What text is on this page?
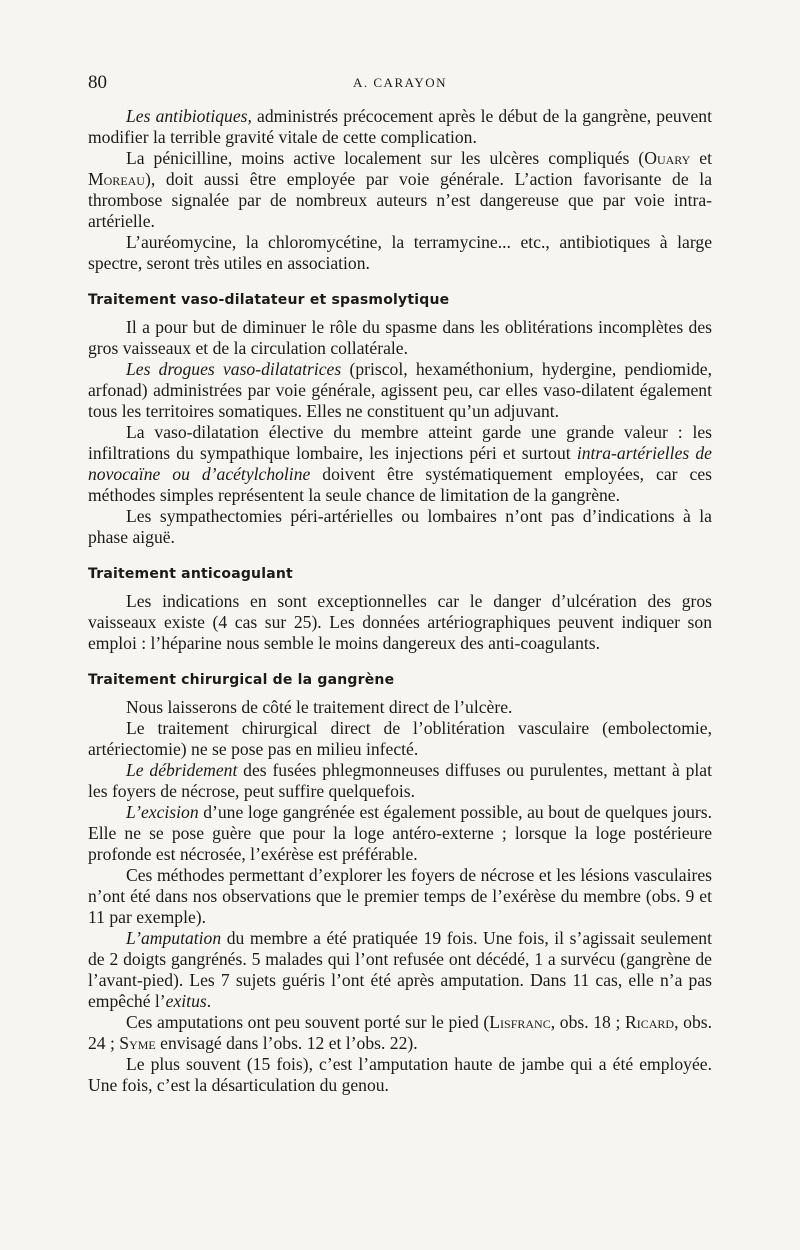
80	A. CARAYON

Les antibiotiques, administrés précocement après le début de la gangrène, peuvent modifier la terrible gravité vitale de cette complication.

La pénicilline, moins active localement sur les ulcères compliqués (Ouary et Moreau), doit aussi être employée par voie générale. L’action favorisante de la thrombose signalée par de nombreux auteurs n’est dangereuse que par voie intra-artérielle.

L’auréomycine, la chloromycétine, la terramycine... etc., antibiotiques à large spectre, seront très utiles en association.

Traitement vaso-dilatateur et spasmolytique

Il a pour but de diminuer le rôle du spasme dans les oblitérations incomplètes des gros vaisseaux et de la circulation collatérale.

Les drogues vaso-dilatatrices (priscol, hexaméthonium, hydergine, pendiomide, arfonad) administrées par voie générale, agissent peu, car elles vaso-dilatent également tous les territoires somatiques. Elles ne constituent qu’un adjuvant.

La vaso-dilatation élective du membre atteint garde une grande valeur : les infiltrations du sympathique lombaire, les injections péri et surtout intra-artérielles de novocaïne ou d’acétylcholine doivent être systématiquement employées, car ces méthodes simples représentent la seule chance de limitation de la gangrène.

Les sympathectomies péri-artérielles ou lombaires n’ont pas d’indications à la phase aiguë.

Traitement anticoagulant

Les indications en sont exceptionnelles car le danger d’ulcération des gros vaisseaux existe (4 cas sur 25). Les données artériographiques peuvent indiquer son emploi : l’héparine nous semble le moins dangereux des anti-coagulants.

Traitement chirurgical de la gangrène

Nous laisserons de côté le traitement direct de l’ulcère.

Le traitement chirurgical direct de l’oblitération vasculaire (embolectomie, artériectomie) ne se pose pas en milieu infecté.

Le débridement des fusées phlegmonneuses diffuses ou purulentes, mettant à plat les foyers de nécrose, peut suffire quelquefois.

L’excision d’une loge gangrénée est également possible, au bout de quelques jours. Elle ne se pose guère que pour la loge antéro-externe ; lorsque la loge postérieure profonde est nécrosée, l’exérèse est préférable.

Ces méthodes permettant d’explorer les foyers de nécrose et les lésions vasculaires n’ont été dans nos observations que le premier temps de l’exérèse du membre (obs. 9 et 11 par exemple).

L’amputation du membre a été pratiquée 19 fois. Une fois, il s’agissait seulement de 2 doigts gangrénés. 5 malades qui l’ont refusée ont décédé, 1 a survécu (gangrène de l’avant-pied). Les 7 sujets guéris l’ont été après amputation. Dans 11 cas, elle n’a pas empêché l’exitus.

Ces amputations ont peu souvent porté sur le pied (Lisfranc, obs. 18 ; Ricard, obs. 24 ; Syme envisagé dans l’obs. 12 et l’obs. 22).

Le plus souvent (15 fois), c’est l’amputation haute de jambe qui a été employée. Une fois, c’est la désarticulation du genou.
